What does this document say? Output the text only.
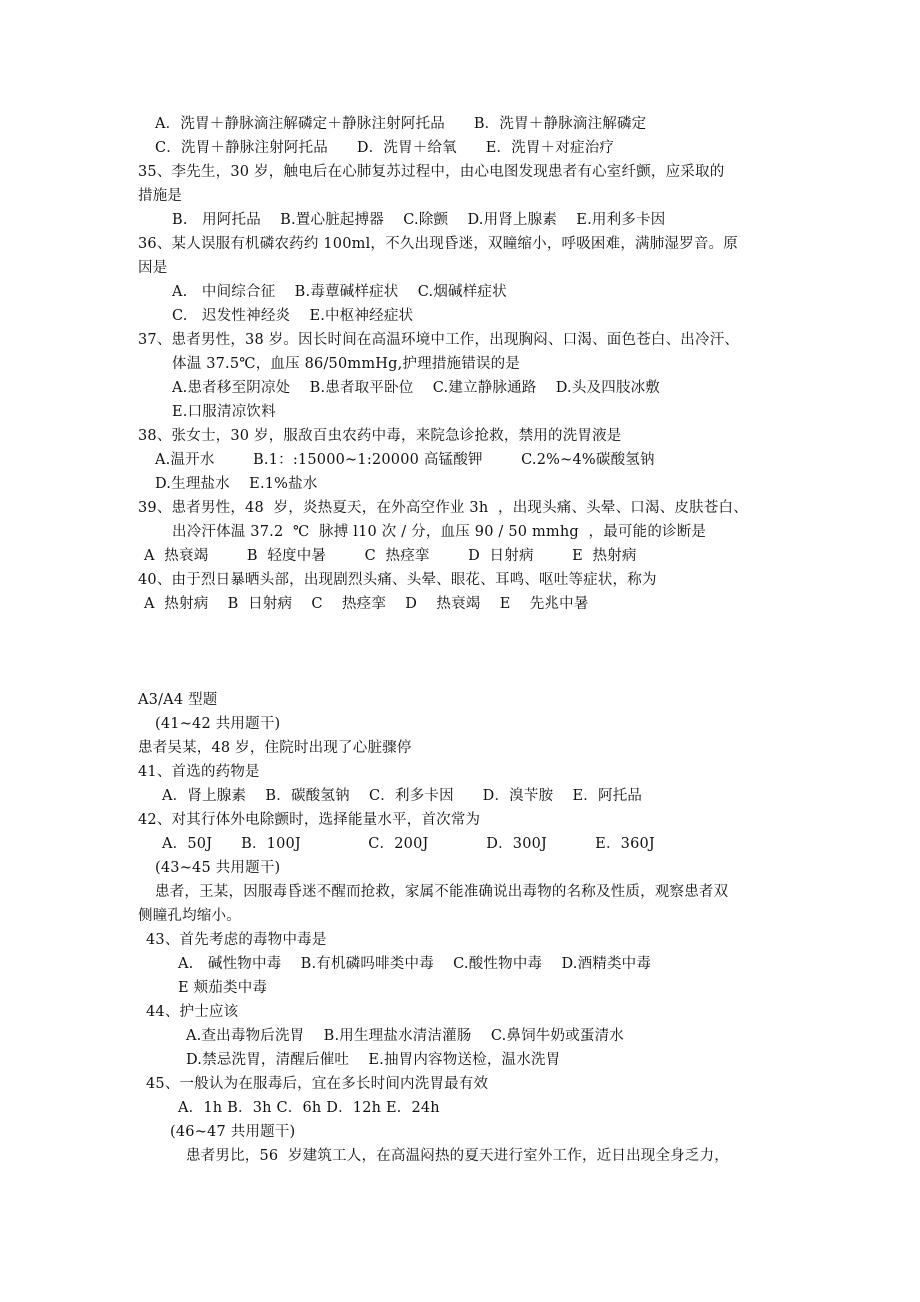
A．洗胃＋静脉滴注解磷定＋静脉注射阿托品      B．洗胃＋静脉滴注解磷定
C．洗胃＋静脉注射阿托品      D．洗胃＋给氧      E．洗胃＋对症治疗
35、李先生，30 岁，触电后在心肺复苏过程中，由心电图发现患者有心室纤颤，应采取的
措施是
B.   用阿托品    B.置心脏起搏器    C.除颤    D.用肾上腺素    E.用利多卡因
36、某人误服有机磷农药约 100ml，不久出现昏迷，双瞳缩小，呼吸困难，满肺湿罗音。原
因是
A.   中间综合征    B.毒蕈碱样症状    C.烟碱样症状
C.   迟发性神经炎    E.中枢神经症状
37、患者男性，38 岁。因长时间在高温环境中工作，出现胸闷、口渴、面色苍白、出冷汗、
体温 37.5℃，血压 86/50mmHg,护理措施错误的是
A.患者移至阴凉处    B.患者取平卧位    C.建立静脉通路    D.头及四肢冰敷
E.口服清凉饮料
38、张女士，30 岁，服敌百虫农药中毒，来院急诊抢救，禁用的洗胃液是
A.温开水        B.1：:15000~1:20000 高锰酸钾        C.2%~4%碳酸氢钠
D.生理盐水    E.1%盐水
39、患者男性，48  岁，炎热夏天，在外高空作业 3h  ，出现头痛、头晕、口渴、皮肤苍白、
出冷汗体温 37.2  ℃  脉搏 l10 次 / 分，血压 90 / 50 mmhg  ，最可能的诊断是
A  热衰竭        B  轻度中暑        C  热痉挛        D  日射病        E  热射病
40、由于烈日暴晒头部，出现剧烈头痛、头晕、眼花、耳鸣、呕吐等症状，称为
A  热射病    B  日射病    C    热痉挛    D    热衰竭    E    先兆中暑
A3/A4 型题
(41~42 共用题干)
患者吴某，48 岁，住院时出现了心脏骤停
41、首选的药物是
A．肾上腺素    B．碳酸氢钠    C．利多卡因      D．溴苄胺    E．阿托品
42、对其行体外电除颤时，选择能量水平，首次常为
A．50J      B．100J              C．200J            D．300J          E．360J
(43~45 共用题干)
患者，王某，因服毒昏迷不醒而抢救，家属不能准确说出毒物的名称及性质，观察患者双
侧瞳孔均缩小。
43、首先考虑的毒物中毒是
A.   碱性物中毒    B.有机磷吗啡类中毒    C.酸性物中毒    D.酒精类中毒
E 颊茄类中毒
44、护士应该
A.查出毒物后洗胃    B.用生理盐水清洁灌肠    C.鼻饲牛奶或蛋清水
D.禁忌洗胃，清醒后催吐    E.抽胃内容物送检，温水洗胃
45、一般认为在服毒后，宜在多长时间内洗胃最有效
A．1h B．3h C．6h D．12h E．24h
(46~47 共用题干)
患者男比，56  岁建筑工人，在高温闷热的夏天进行室外工作，近日出现全身乏力，
